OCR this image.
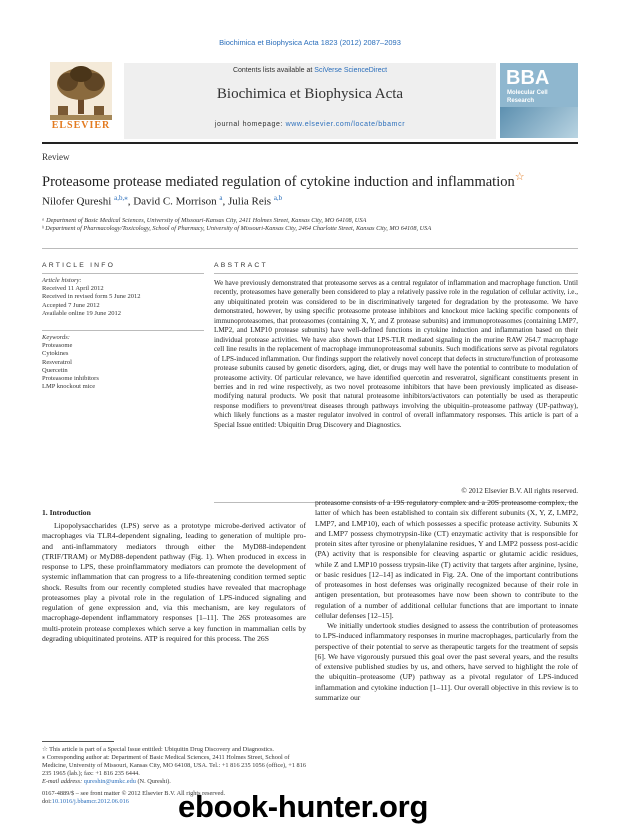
Biochimica et Biophysica Acta 1823 (2012) 2087–2093
ELSEVIER
Contents lists available at SciVerse ScienceDirect
Biochimica et Biophysica Acta
journal homepage: www.elsevier.com/locate/bbamcr
BBA
Molecular Cell
Research
Review
Proteasome protease mediated regulation of cytokine induction and inflammation☆
Nilofer Qureshi $^{a,b,⁎}$, David C. Morrison $^a$, Julia Reis $^{a,b}$
ᵃ Department of Basic Medical Sciences, University of Missouri-Kansas City, 2411 Holmes Street, Kansas City, MO 64108, USA
ᵇ Department of Pharmacology/Toxicology, School of Pharmacy, University of Missouri-Kansas City, 2464 Charlotte Street, Kansas City, MO 64108, USA
ARTICLE INFO	ABSTRACT
Article history:
Received 11 April 2012
Received in revised form 5 June 2012
Accepted 7 June 2012
Available online 19 June 2012
Keywords:
Proteasome
Cytokines
Resveratrol
Quercetin
Proteasome inhibitors
LMP knockout mice
We have previously demonstrated that proteasome serves as a central regulator of inflammation and macrophage function. Until recently, proteasomes have generally been considered to play a relatively passive role in the regulation of cellular activity, i.e., any ubiquitinated protein was considered to be in discriminatively targeted for degradation by the proteasome. We have demonstrated, however, by using specific proteasome protease inhibitors and knockout mice lacking specific components of immunoproteasomes, that proteasomes (containing X, Y, and Z protease subunits) and immunoproteasomes (containing LMP7, LMP2, and LMP10 protease subunits) have well-defined functions in cytokine induction and inflammation based on their individual protease activities. We have also shown that LPS-TLR mediated signaling in the murine RAW 264.7 macrophage cell line results in the replacement of macrophage immunoproteasomal subunits. Such modifications serve as pivotal regulators of LPS-induced inflammation. Our findings support the relatively novel concept that defects in structure/function of proteasome protease subunits caused by genetic disorders, aging, diet, or drugs may well have the potential to contribute to modulation of proteasome activity. Of particular relevance, we have identified quercetin and resveratrol, significant constituents present in berries and in red wine respectively, as two novel proteasome inhibitors that have been previously implicated as disease-modifying natural products. We posit that natural proteasome inhibitors/activators can potentially be used as therapeutic response modifiers to prevent/treat diseases through pathways involving the ubiquitin–proteasome pathway (UP-pathway), which likely functions as a master regulator involved in control of overall inflammatory responses. This article is part of a Special Issue entitled: Ubiquitin Drug Discovery and Diagnostics.
© 2012 Elsevier B.V. All rights reserved.
1. Introduction
Lipopolysaccharides (LPS) serve as a prototype microbe-derived activator of macrophages via TLR4-dependent signaling, leading to generation of multiple pro- and anti-inflammatory mediators through either the MyD88-independent (TRIF/TRAM) or MyD88-dependent pathway (Fig. 1). When produced in excess in response to LPS, these proinflammatory mediators can promote the development of systemic inflammation that can progress to a life-threatening condition termed septic shock. Results from our recently completed studies have revealed that macrophage proteasomes play a pivotal role in the regulation of LPS-induced signaling and regulation of gene expression and, via this mechanism, are key regulators of macrophage-dependent inflammatory responses [1–11]. The 26S proteasomes are multi-protein protease complexes which serve a key function in mammalian cells by degrading ubiquitinated proteins. ATP is required for this process. The 26S

proteasome consists of a 19S regulatory complex and a 20S proteasome complex, the latter of which has been established to contain six different subunits (X, Y, Z, LMP2, LMP7, and LMP10), each of which possesses a specific protease activity. Subunits X and LMP7 possess chymotrypsin-like (CT) enzymatic activity that is responsible for protein sites after tyrosine or phenylalanine residues, Y and LMP2 possess post-acidic (PA) activity that is responsible for cleaving aspartic or glutamic acidic residues, while Z and LMP10 possess trypsin-like (T) activity that targets after arginine, lysine, or basic residues [12–14] as indicated in Fig. 2A. One of the important contributions of proteasomes in host defenses was originally recognized because of their role in antigen presentation, but proteasomes have now been shown to contribute to the regulation of a number of additional cellular functions that are important to innate cellular defenses [12–15].

We initially undertook studies designed to assess the contribution of proteasomes to LPS-induced inflammatory responses in murine macrophages, particularly from the perspective of their potential to serve as therapeutic targets for the treatment of sepsis [6]. We have vigorously pursued this goal over the past several years, and the results of extensive published studies by us, and others, have served to highlight the role of the ubiquitin–proteasome (UP) pathway as a pivotal regulator of LPS-induced inflammation and cytokine induction [1–11]. Our overall objective in this review is to summarize our

☆ This article is part of a Special Issue entitled: Ubiquitin Drug Discovery and Diagnostics.

⁎ Corresponding author at: Department of Basic Medical Sciences, 2411 Holmes Street, School of Medicine, University of Missouri, Kansas City, MO 64108, USA. Tel.: +1 816 235 1056 (office), +1 816 235 1965 (lab.); fax: +1 816 235 6444.

E-mail address: qureshin@umkc.edu (N. Qureshi).

0167-4889/$ – see front matter © 2012 Elsevier B.V. All rights reserved.
doi:10.1016/j.bbamcr.2012.06.016	ebook-hunter.org
